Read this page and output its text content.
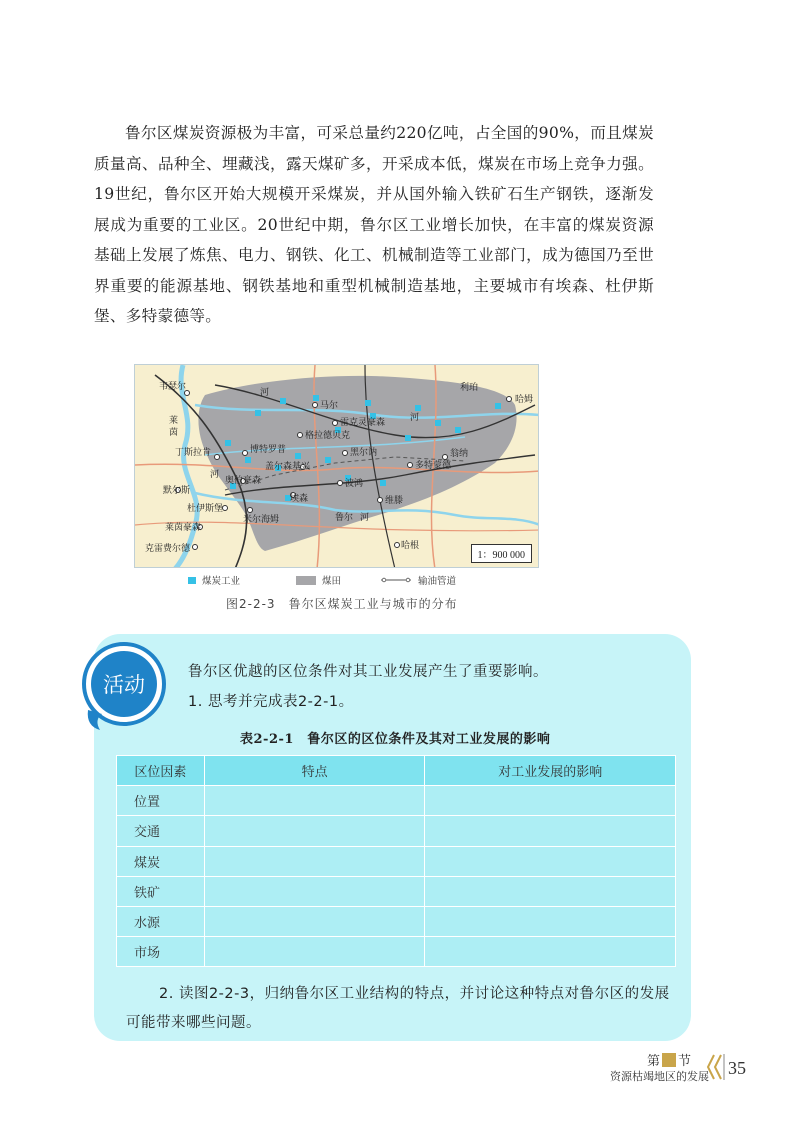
鲁尔区煤炭资源极为丰富，可采总量约220亿吨，占全国的90%，而且煤炭质量高、品种全、埋藏浅，露天煤矿多，开采成本低，煤炭在市场上竞争力强。19世纪，鲁尔区开始大规模开采煤炭，并从国外输入铁矿石生产钢铁，逐渐发展成为重要的工业区。20世纪中期，鲁尔区工业增长加快，在丰富的煤炭资源基础上发展了炼焦、电力、钢铁、化工、机械制造等工业部门，成为德国乃至世界重要的能源基地、钢铁基地和重型机械制造基地，主要城市有埃森、杜伊斯堡、多特蒙德等。

韦瑟尔
马尔
雷克灵豪森
格拉德贝克
哈姆
丁斯拉肯	博特罗普	黑尔讷
默尔斯
盖尔森基兴	多特蒙德
翁纳
奥伯豪森	波鸿
杜伊斯堡
埃森	维滕
米尔海姆
莱茵豪森
克雷费尔德	哈根
莱
茵
河
利珀
河
河
鲁尔 河
1：900 000
煤炭工业	煤田	输油管道
图2-2-3　鲁尔区煤炭工业与城市的分布
活动
鲁尔区优越的区位条件对其工业发展产生了重要影响。
1. 思考并完成表2-2-1。
表2-2-1　鲁尔区的区位条件及其对工业发展的影响
区位因素	特点	对工业发展的影响
位置		
交通		
煤炭		
铁矿		
水源		
市场		

2. 读图2-2-3，归纳鲁尔区工业结构的特点，并讨论这种特点对鲁尔区的发展可能带来哪些问题。

第 节
资源枯竭地区的发展 35
